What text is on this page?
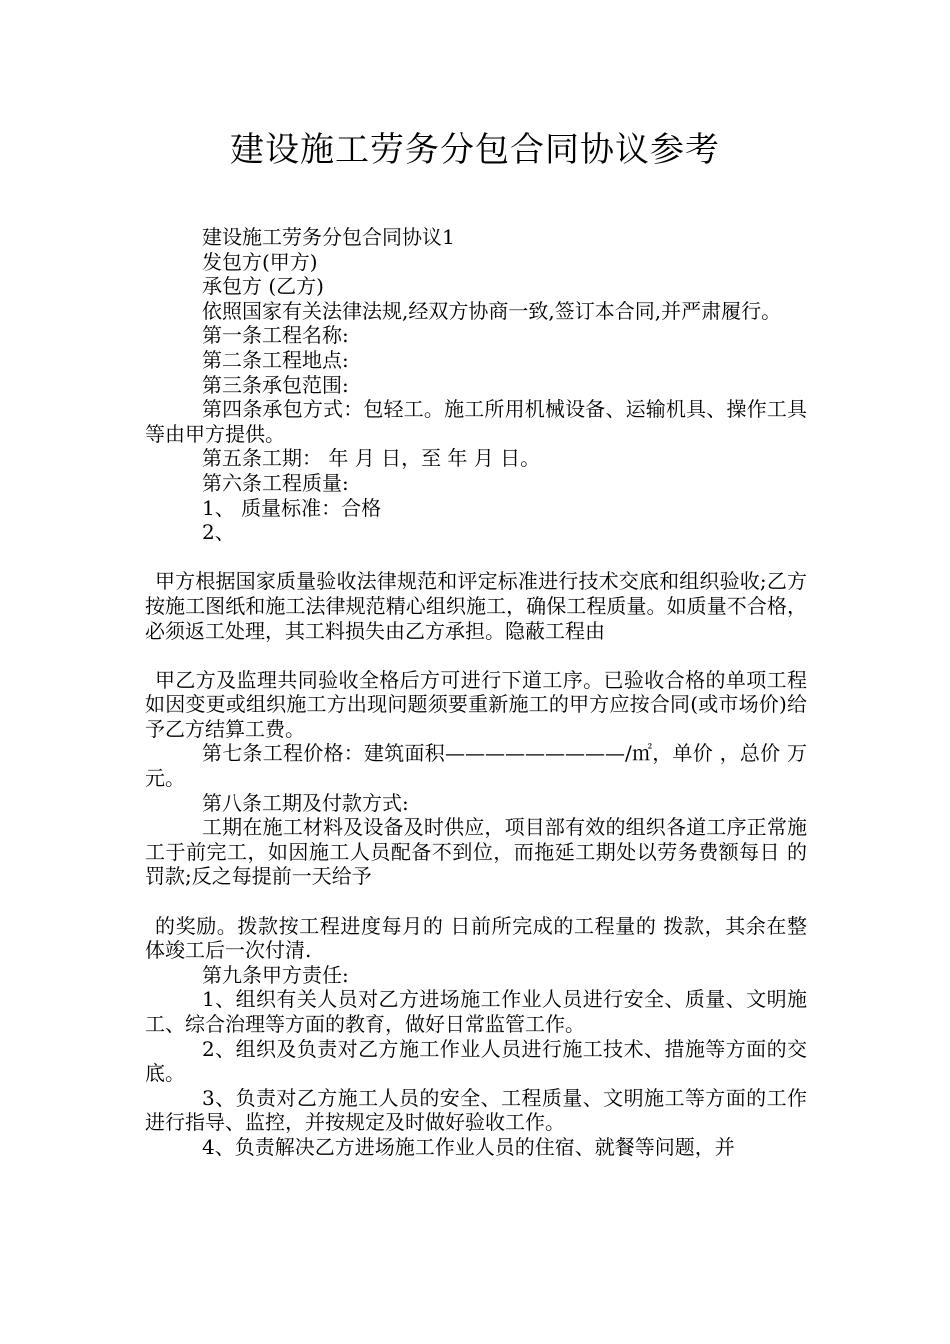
建设施工劳务分包合同协议参考

建设施工劳务分包合同协议1

发包方(甲方)

承包方 (乙方)

依照国家有关法律法规,经双方协商一致,签订本合同,并严肃履行。

第一条工程名称:

第二条工程地点:

第三条承包范围:

第四条承包方式：包轻工。施工所用机械设备、运输机具、操作工具等由甲方提供。

第五条工期： 年 月 日，至 年 月 日。

第六条工程质量:

1、 质量标准：合格

2、

甲方根据国家质量验收法律规范和评定标准进行技术交底和组织验收;乙方按施工图纸和施工法律规范精心组织施工，确保工程质量。如质量不合格，必须返工处理，其工料损失由乙方承担。隐蔽工程由

甲乙方及监理共同验收全格后方可进行下道工序。已验收合格的单项工程如因变更或组织施工方出现问题须要重新施工的甲方应按合同(或市场价)给予乙方结算工费。

第七条工程价格：建筑面积—————————/㎡，单价 ，总价 万元。

第八条工期及付款方式:

工期在施工材料及设备及时供应，项目部有效的组织各道工序正常施工于前完工，如因施工人员配备不到位，而拖延工期处以劳务费额每日 的罚款;反之每提前一天给予

的奖励。拨款按工程进度每月的 日前所完成的工程量的 拨款，其余在整体竣工后一次付清.

第九条甲方责任:

1、组织有关人员对乙方进场施工作业人员进行安全、质量、文明施工、综合治理等方面的教育，做好日常监管工作。

2、组织及负责对乙方施工作业人员进行施工技术、措施等方面的交底。

3、负责对乙方施工人员的安全、工程质量、文明施工等方面的工作进行指导、监控，并按规定及时做好验收工作。

4、负责解决乙方进场施工作业人员的住宿、就餐等问题，并
